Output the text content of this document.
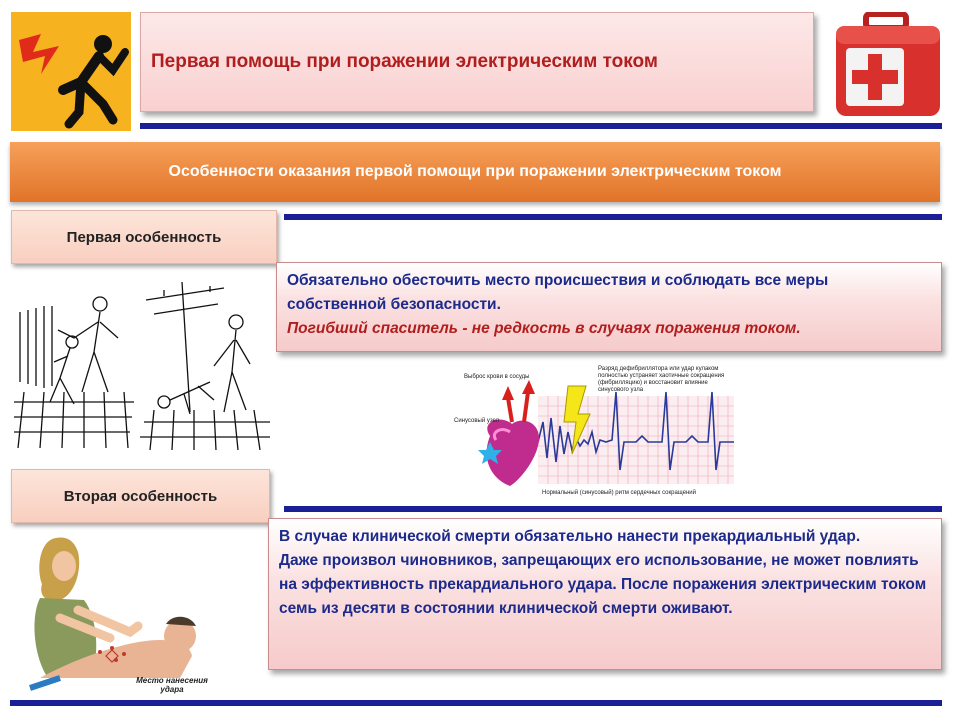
Первая помощь при поражении электрическим током
Особенности оказания первой помощи при поражении электрическим током
Первая особенность

Обязательно обесточить место происшествия и соблюдать все меры собственной безопасности.

Погибший спаситель - не редкость в случаях поражения током.

Выброс крови в сосуды
Синусовый узел
Нормальный (синусовый) ритм сердечных сокращений
Разряд дефибриллятора или удар кулаком полностью устраняет хаотичные сокращения (фибрилляцию) и восстановит влияние синусового узла
Вторая особенность

В случае клинической смерти обязательно нанести прекардиальный удар.

Даже произвол чиновников, запрещающих его использование, не может повлиять на эффективность прекардиального удара. После поражения электрическим током семь из десяти в состоянии клинической смерти оживают.

Место нанесения удара
